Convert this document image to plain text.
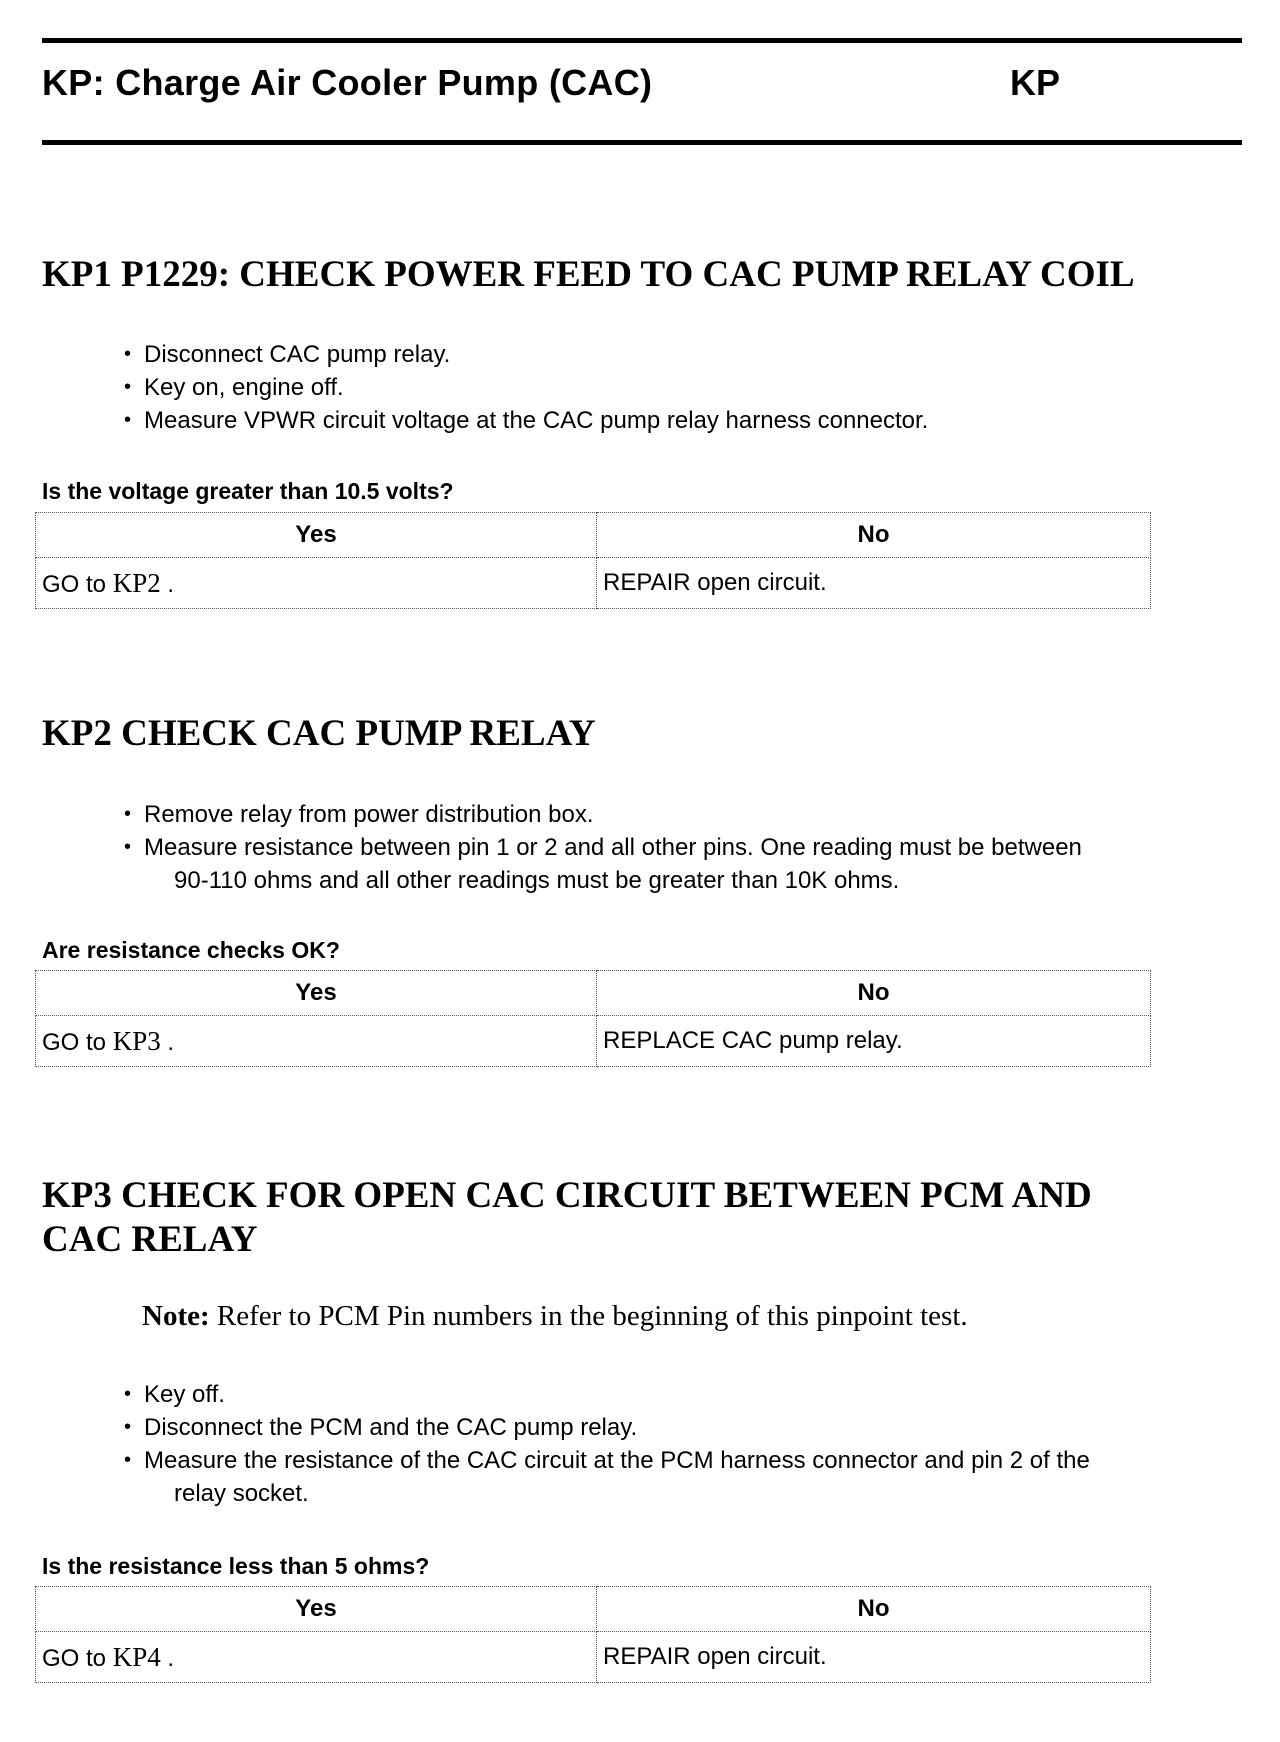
KP: Charge Air Cooler Pump (CAC)	KP
KP1 P1229: CHECK POWER FEED TO CAC PUMP RELAY COIL
• Disconnect CAC pump relay.
• Key on, engine off.
• Measure VPWR circuit voltage at the CAC pump relay harness connector.
Is the voltage greater than 10.5 volts?
Yes	No
GO to KP2 .	REPAIR open circuit.
KP2 CHECK CAC PUMP RELAY
• Remove relay from power distribution box.
• Measure resistance between pin 1 or 2 and all other pins. One reading must be between
90-110 ohms and all other readings must be greater than 10K ohms.
Are resistance checks OK?
Yes	No
GO to KP3 .	REPLACE CAC pump relay.
KP3 CHECK FOR OPEN CAC CIRCUIT BETWEEN PCM AND
CAC RELAY
Note: Refer to PCM Pin numbers in the beginning of this pinpoint test.
• Key off.
• Disconnect the PCM and the CAC pump relay.
• Measure the resistance of the CAC circuit at the PCM harness connector and pin 2 of the
relay socket.
Is the resistance less than 5 ohms?
Yes	No
GO to KP4 .	REPAIR open circuit.
